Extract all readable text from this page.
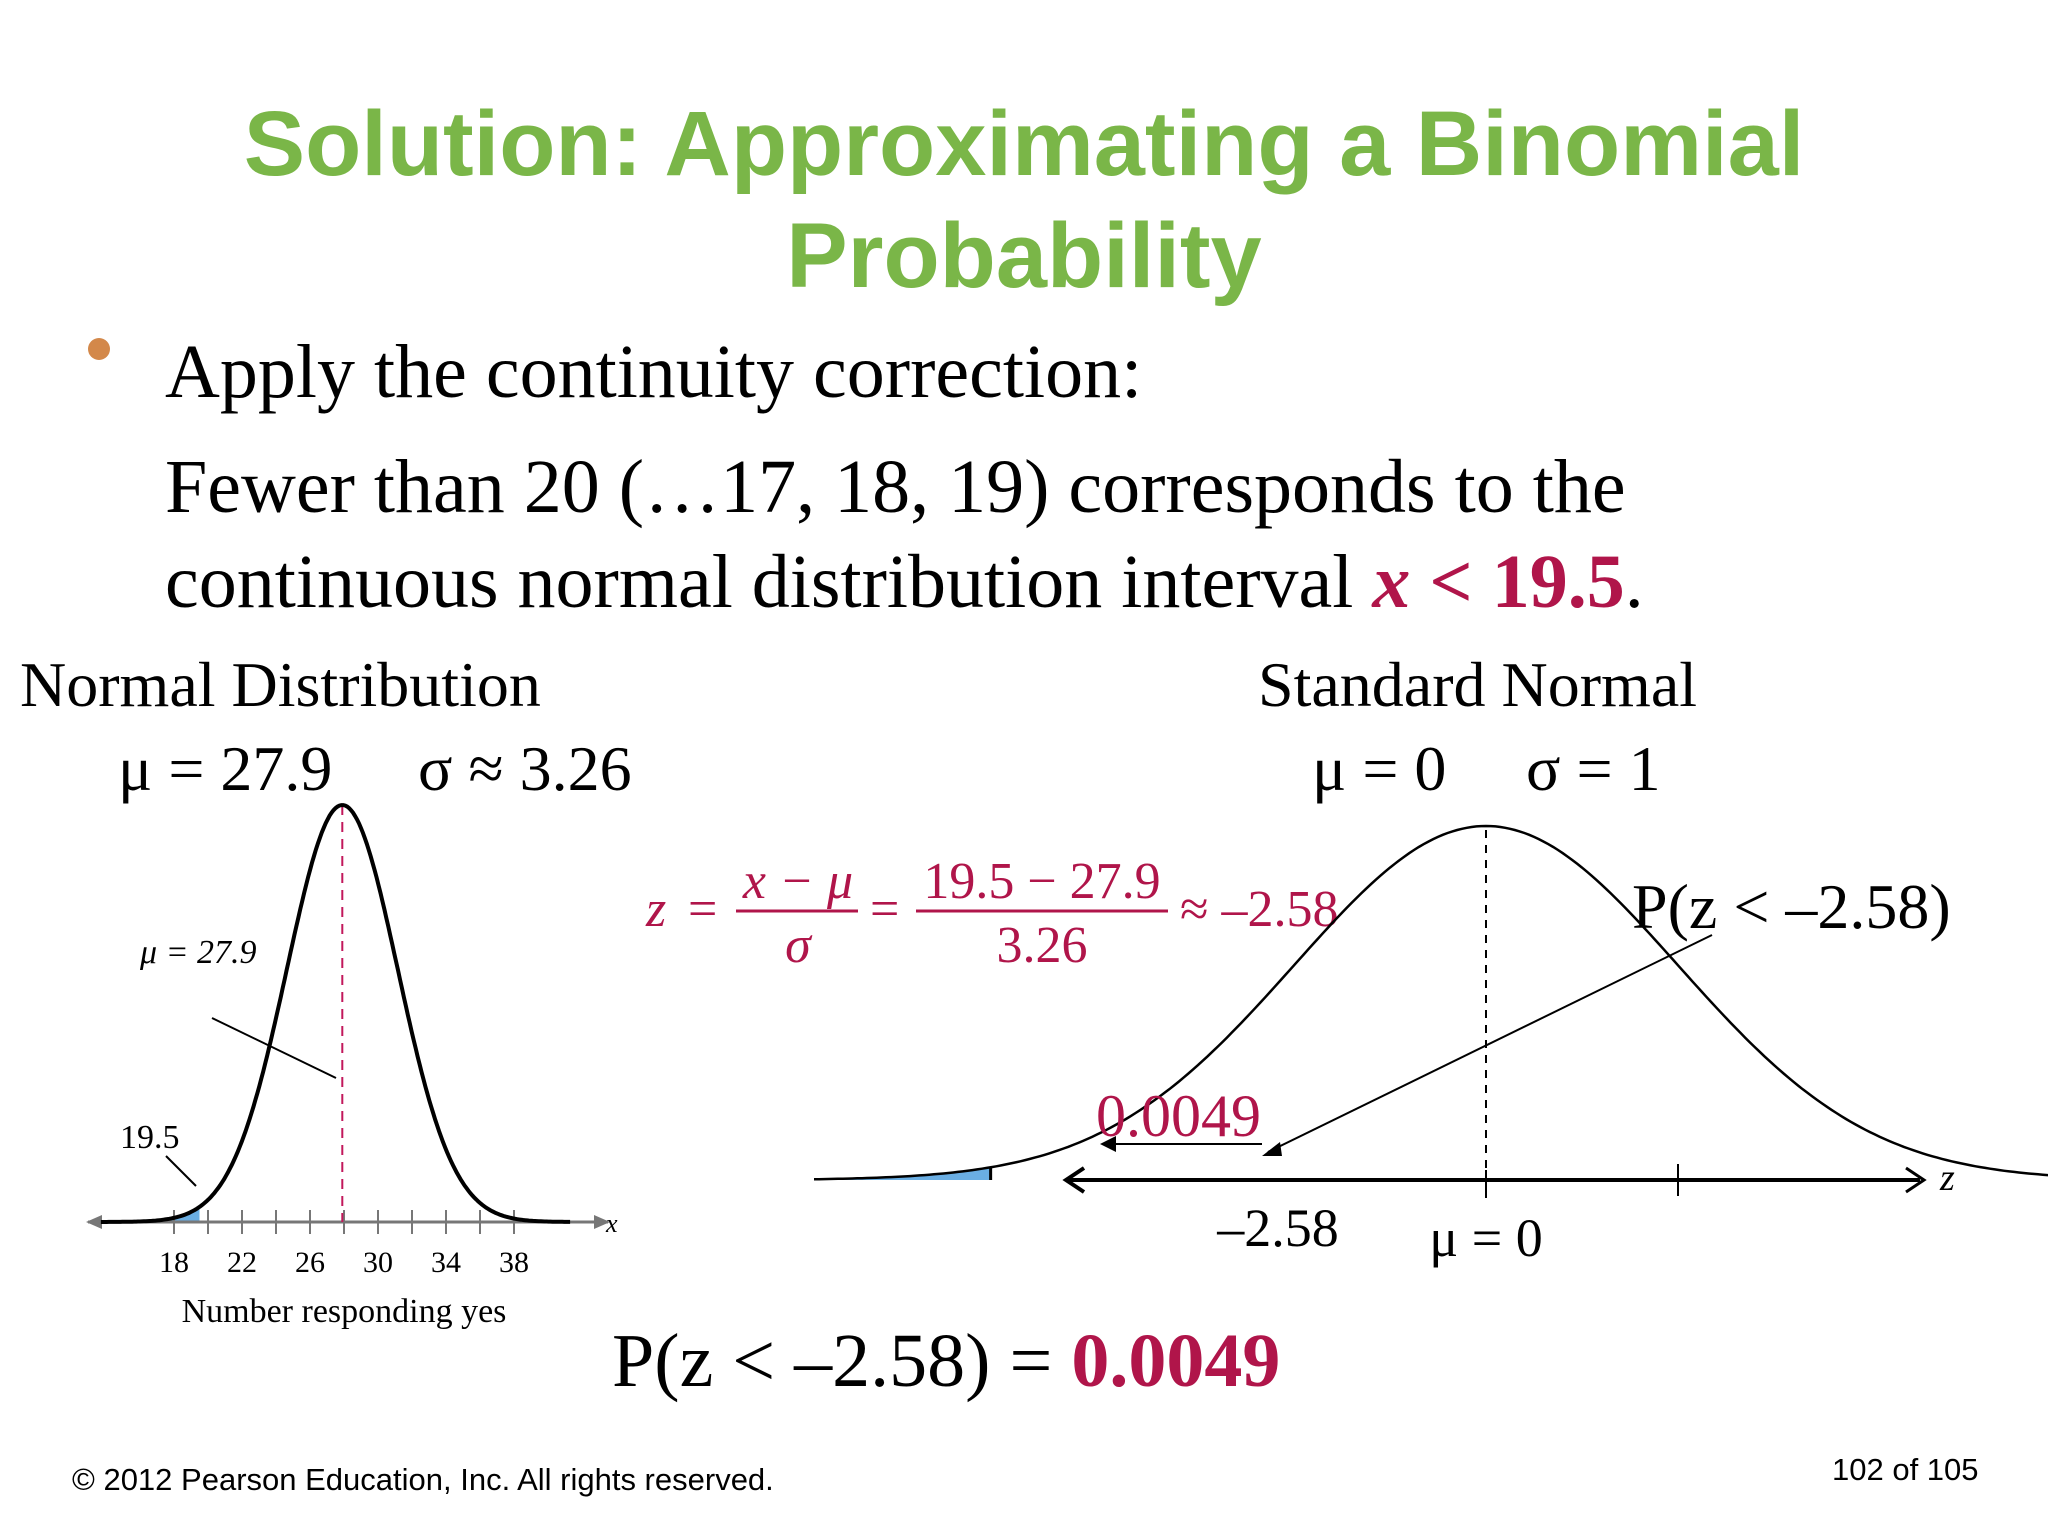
Solution: Approximating a Binomial
Probability
Apply the continuity correction:
Fewer than 20 (…17, 18, 19) corresponds to the
continuous normal distribution interval x < 19.5.
Normal Distribution
μ = 27.9 σ ≈ 3.26
Standard Normal
μ = 0 σ = 1
z = x − μ
σ
= 19.5 − 27.9
3.26
≈ –2.58
18 22 26 30 34 38
μ = 27.9
19.5
x
Number responding yes
0.0049
P(z < –2.58)
–2.58 μ = 0
z
P(z < –2.58) = 0.0049
© 2012 Pearson Education, Inc. All rights reserved.	102 of 105
